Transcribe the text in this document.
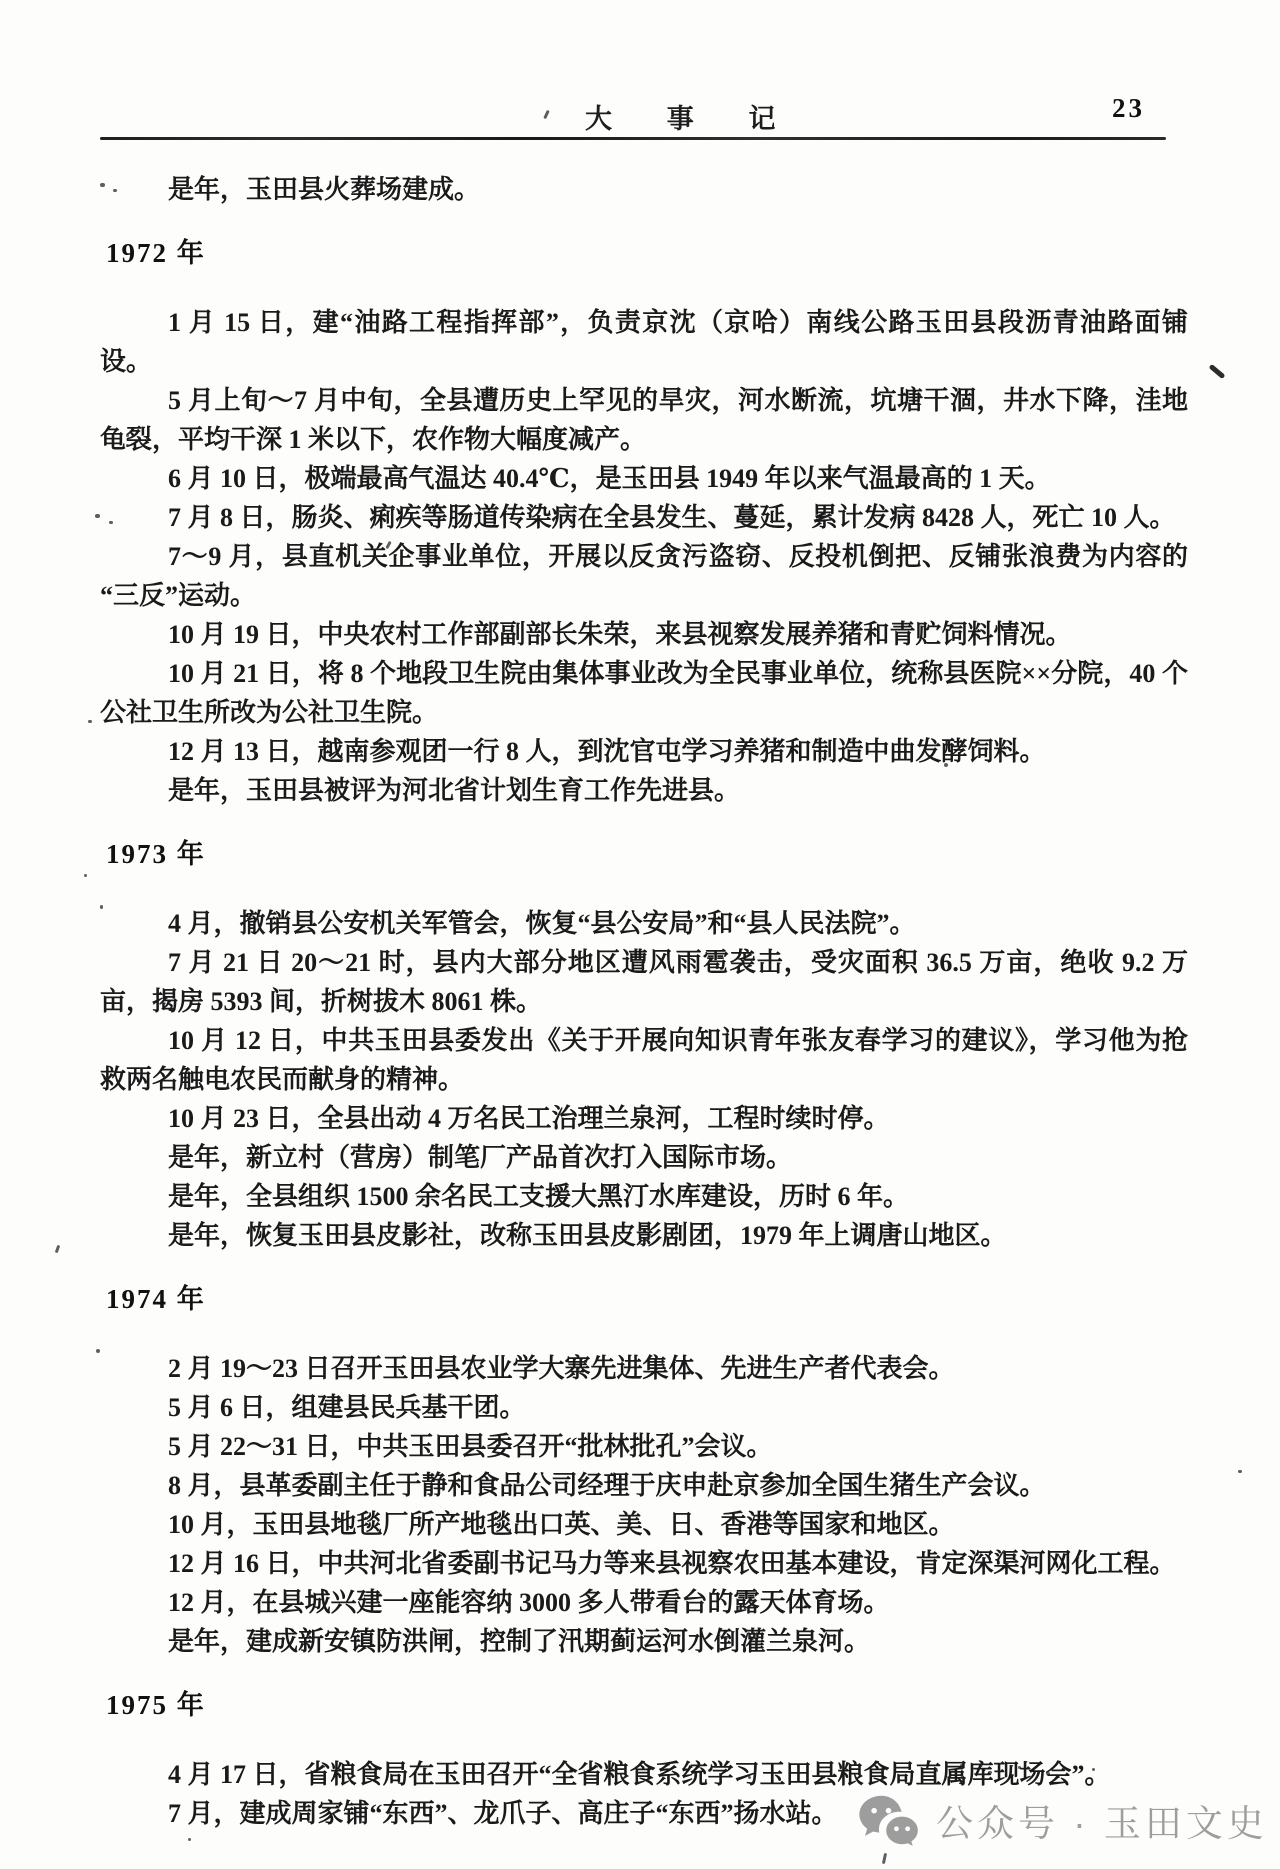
大 事 记	23

是年，玉田县火葬场建成。

1972 年

1 月 15 日，建“油路工程指挥部”，负责京沈（京哈）南线公路玉田县段沥青油路面铺设。

5 月上旬～7 月中旬，全县遭历史上罕见的旱灾，河水断流，坑塘干涸，井水下降，洼地龟裂，平均干深 1 米以下，农作物大幅度减产。

6 月 10 日，极端最高气温达 40.4℃，是玉田县 1949 年以来气温最高的 1 天。

7 月 8 日，肠炎、痢疾等肠道传染病在全县发生、蔓延，累计发病 8428 人，死亡 10 人。

7～9 月，县直机关企事业单位，开展以反贪污盗窃、反投机倒把、反铺张浪费为内容的“三反”运动。

10 月 19 日，中央农村工作部副部长朱荣，来县视察发展养猪和青贮饲料情况。

10 月 21 日，将 8 个地段卫生院由集体事业改为全民事业单位，统称县医院××分院，40 个公社卫生所改为公社卫生院。

12 月 13 日，越南参观团一行 8 人，到沈官屯学习养猪和制造中曲发酵饲料。

是年，玉田县被评为河北省计划生育工作先进县。

1973 年

4 月，撤销县公安机关军管会，恢复“县公安局”和“县人民法院”。

7 月 21 日 20～21 时，县内大部分地区遭风雨雹袭击，受灾面积 36.5 万亩，绝收 9.2 万亩，揭房 5393 间，折树拔木 8061 株。

10 月 12 日，中共玉田县委发出《关于开展向知识青年张友春学习的建议》，学习他为抢救两名触电农民而献身的精神。

10 月 23 日，全县出动 4 万名民工治理兰泉河，工程时续时停。

是年，新立村（营房）制笔厂产品首次打入国际市场。

是年，全县组织 1500 余名民工支援大黑汀水库建设，历时 6 年。

是年，恢复玉田县皮影社，改称玉田县皮影剧团，1979 年上调唐山地区。

1974 年

2 月 19～23 日召开玉田县农业学大寨先进集体、先进生产者代表会。

5 月 6 日，组建县民兵基干团。

5 月 22～31 日，中共玉田县委召开“批林批孔”会议。

8 月，县革委副主任于静和食品公司经理于庆申赴京参加全国生猪生产会议。

10 月，玉田县地毯厂所产地毯出口英、美、日、香港等国家和地区。

12 月 16 日，中共河北省委副书记马力等来县视察农田基本建设，肯定深渠河网化工程。

12 月，在县城兴建一座能容纳 3000 多人带看台的露天体育场。

是年，建成新安镇防洪闸，控制了汛期蓟运河水倒灌兰泉河。

1975 年

4 月 17 日，省粮食局在玉田召开“全省粮食系统学习玉田县粮食局直属库现场会”。

7 月，建成周家铺“东西”、龙爪子、高庄子“东西”扬水站。	公众号 · 玉田文史
